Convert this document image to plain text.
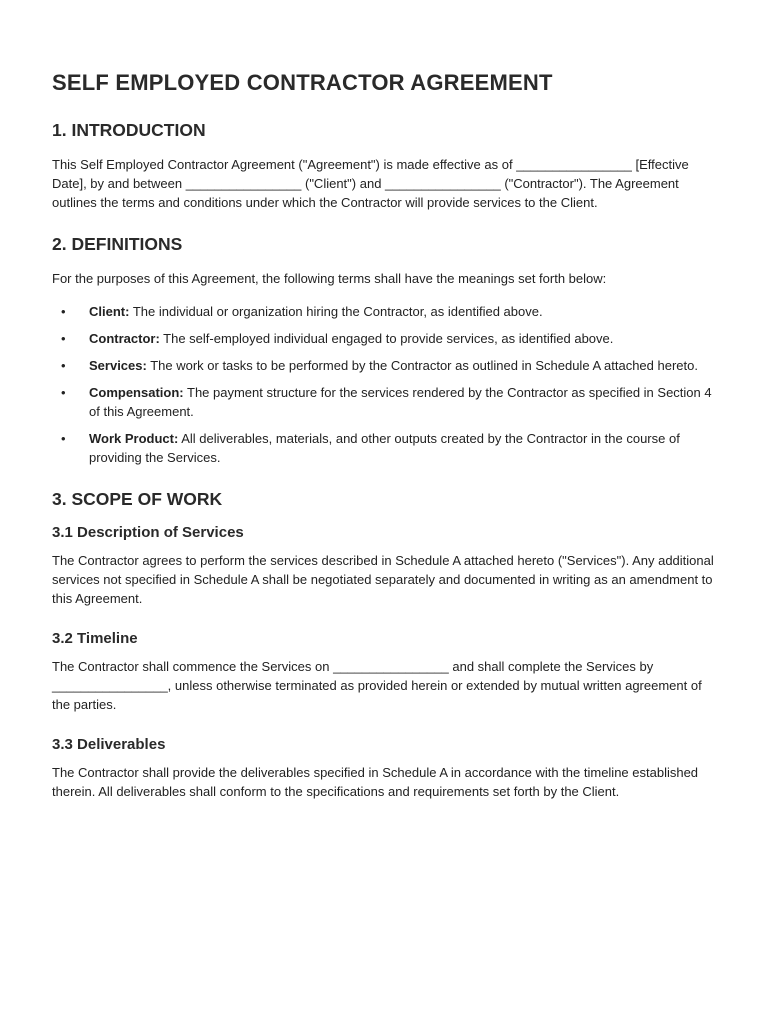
SELF EMPLOYED CONTRACTOR AGREEMENT
1. INTRODUCTION

This Self Employed Contractor Agreement ("Agreement") is made effective as of ________________ [Effective Date], by and between ________________ ("Client") and ________________ ("Contractor"). The Agreement outlines the terms and conditions under which the Contractor will provide services to the Client.

2. DEFINITIONS

For the purposes of this Agreement, the following terms shall have the meanings set forth below:

• Client: The individual or organization hiring the Contractor, as identified above.
• Contractor: The self-employed individual engaged to provide services, as identified above.
• Services: The work or tasks to be performed by the Contractor as outlined in Schedule A attached hereto.
• Compensation: The payment structure for the services rendered by the Contractor as specified in Section 4 of this Agreement.
• Work Product: All deliverables, materials, and other outputs created by the Contractor in the course of providing the Services.
3. SCOPE OF WORK
3.1 Description of Services

The Contractor agrees to perform the services described in Schedule A attached hereto ("Services"). Any additional services not specified in Schedule A shall be negotiated separately and documented in writing as an amendment to this Agreement.

3.2 Timeline

The Contractor shall commence the Services on ________________ and shall complete the Services by ________________, unless otherwise terminated as provided herein or extended by mutual written agreement of the parties.

3.3 Deliverables

The Contractor shall provide the deliverables specified in Schedule A in accordance with the timeline established therein. All deliverables shall conform to the specifications and requirements set forth by the Client.
